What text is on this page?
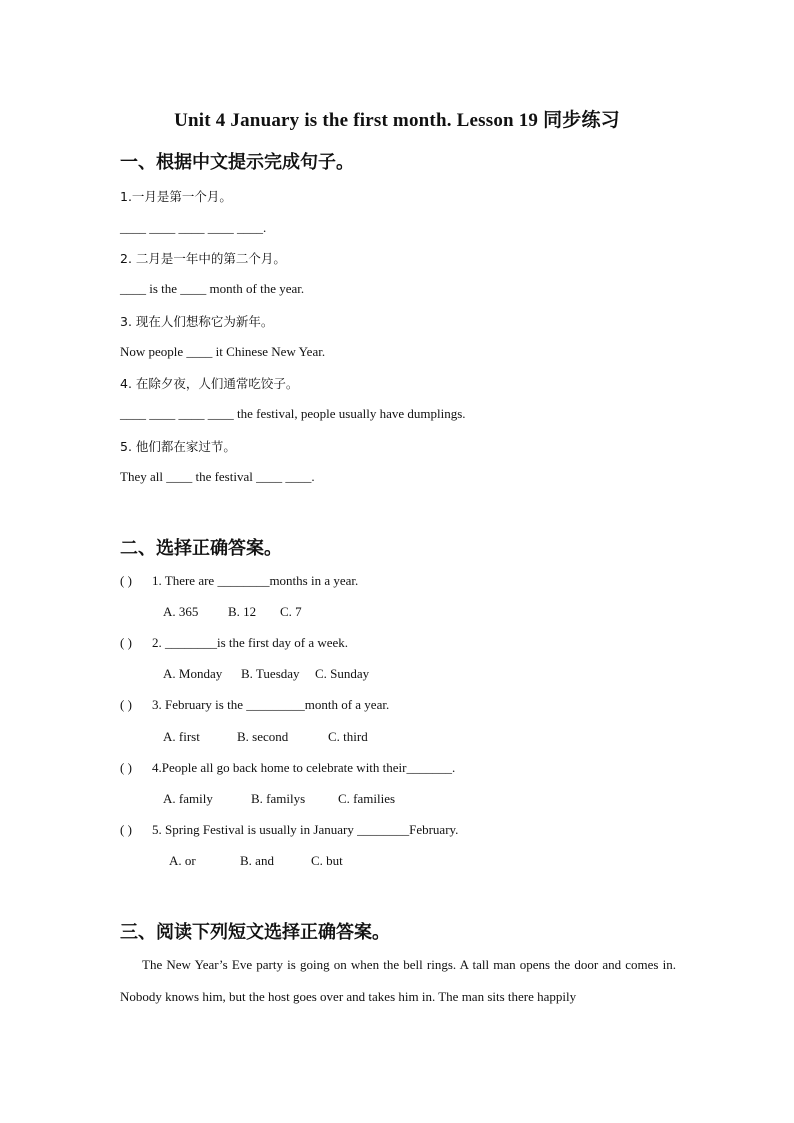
Unit 4 January is the first month. Lesson 19 同步练习
一、根据中文提示完成句子。
1.一月是第一个月。
____ ____ ____ ____ ____.
2. 二月是一年中的第二个月。
____ is the ____ month of the year.
3. 现在人们想称它为新年。
Now people ____ it Chinese New Year.
4. 在除夕夜，人们通常吃饺子。
____ ____ ____ ____ the festival, people usually have dumplings.
5. 他们都在家过节。
They all ____ the festival ____ ____.
二、选择正确答案。
( ) 1. There are ________months in a year.
A. 365 B. 12 C. 7
( ) 2. ________is the first day of a week.
A. Monday B. Tuesday C. Sunday
( ) 3. February is the _________month of a year.
A. first	B. second	C. third
( ) 4.People all go back home to celebrate with their_______.
A. family	B. familys	C. families
( ) 5. Spring Festival is usually in January ________February.
A. or	B. and	C. but
三、阅读下列短文选择正确答案。
The New Year’s Eve party is going on when the bell rings. A tall man opens the door and comes in. Nobody knows him, but the host goes over and takes him in. The man sits there happily
